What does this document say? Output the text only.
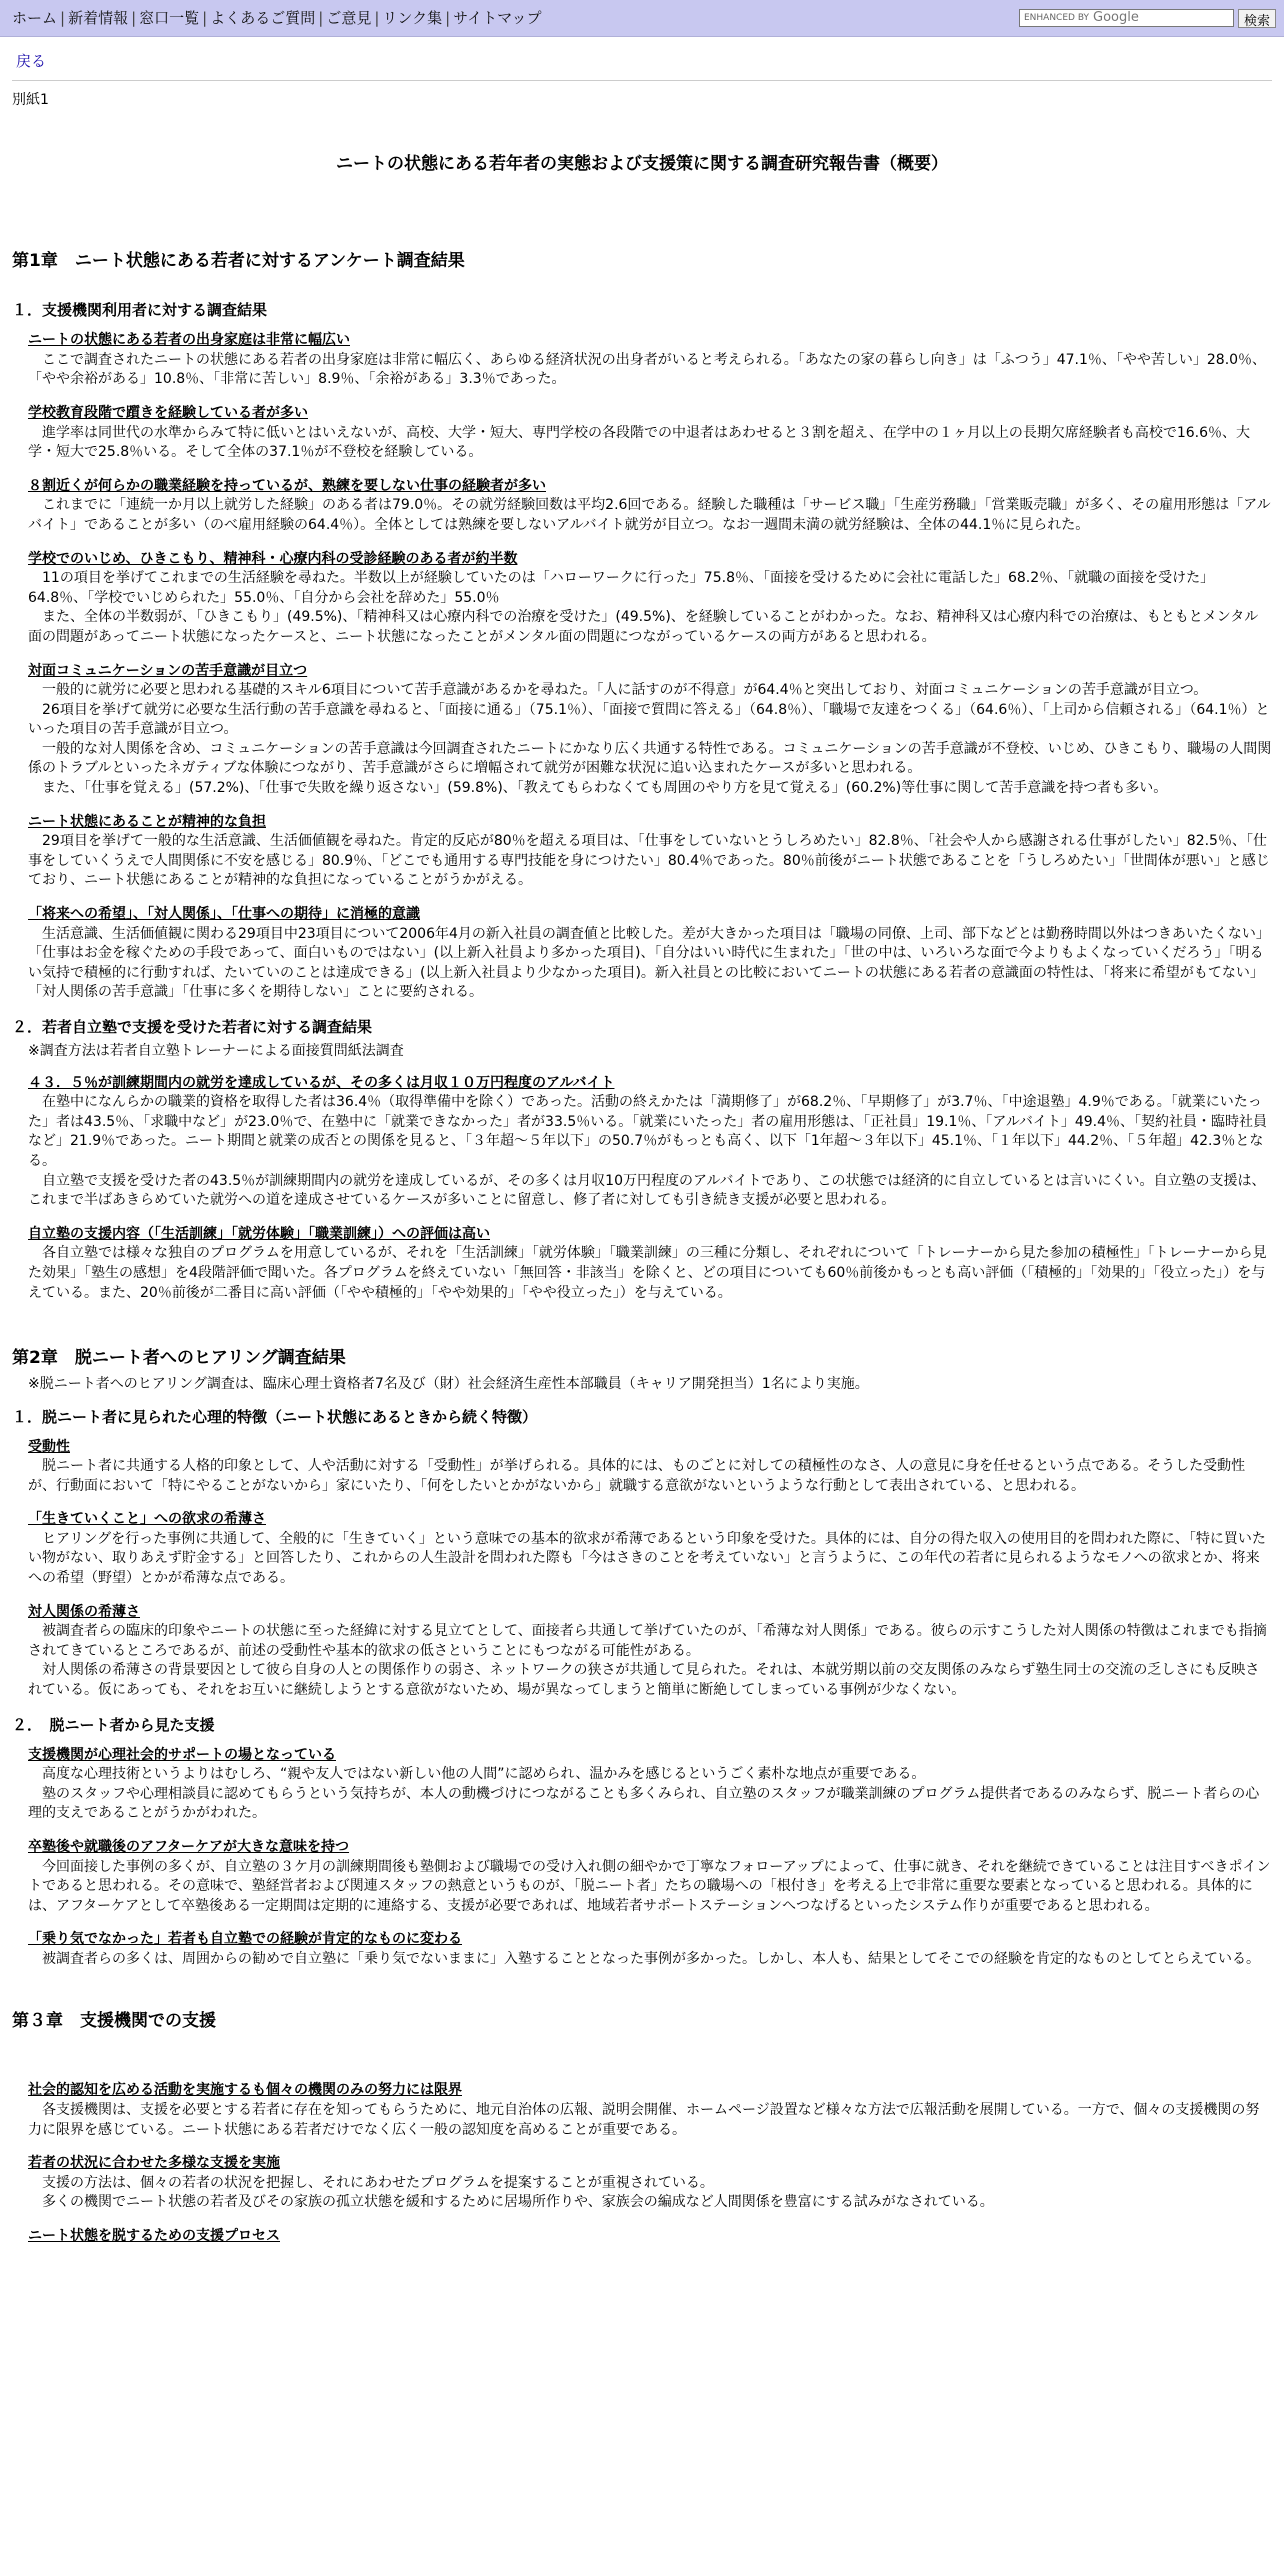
ホーム | 新着情報 | 窓口一覧 | よくあるご質問 | ご意見 | リンク集 | サイトマップ	ENHANCED BY Google	検索
戻る
別紙1
ニートの状態にある若年者の実態および支援策に関する調査研究報告書（概要）
第1章　ニート状態にある若者に対するアンケート調査結果
１．支援機関利用者に対する調査結果
ニートの状態にある若者の出身家庭は非常に幅広い

　ここで調査されたニートの状態にある若者の出身家庭は非常に幅広く、あらゆる経済状況の出身者がいると考えられる。「あなたの家の暮らし向き」は「ふつう」47.1％、「やや苦しい」28.0％、「やや余裕がある」10.8％、「非常に苦しい」8.9％、「余裕がある」3.3％であった。

学校教育段階で躓きを経験している者が多い

　進学率は同世代の水準からみて特に低いとはいえないが、高校、大学・短大、専門学校の各段階での中退者はあわせると３割を超え、在学中の１ヶ月以上の長期欠席経験者も高校で16.6％、大学・短大で25.8％いる。そして全体の37.1％が不登校を経験している。

８割近くが何らかの職業経験を持っているが、熟練を要しない仕事の経験者が多い

　これまでに「連続一か月以上就労した経験」のある者は79.0％。その就労経験回数は平均2.6回である。経験した職種は「サービス職」「生産労務職」「営業販売職」が多く、その雇用形態は「アルバイト」であることが多い（のべ雇用経験の64.4％）。全体としては熟練を要しないアルバイト就労が目立つ。なお一週間未満の就労経験は、全体の44.1％に見られた。

学校でのいじめ、ひきこもり、精神科・心療内科の受診経験のある者が約半数

　11の項目を挙げてこれまでの生活経験を尋ねた。半数以上が経験していたのは「ハローワークに行った」75.8％、「面接を受けるために会社に電話した」68.2％、「就職の面接を受けた」64.8％、「学校でいじめられた」55.0％、「自分から会社を辞めた」55.0％

　また、全体の半数弱が、「ひきこもり」(49.5%)、「精神科又は心療内科での治療を受けた」(49.5%)、を経験していることがわかった。なお、精神科又は心療内科での治療は、もともとメンタル面の問題があってニート状態になったケースと、ニート状態になったことがメンタル面の問題につながっているケースの両方があると思われる。

対面コミュニケーションの苦手意識が目立つ

　一般的に就労に必要と思われる基礎的スキル6項目について苦手意識があるかを尋ねた。「人に話すのが不得意」が64.4％と突出しており、対面コミュニケーションの苦手意識が目立つ。

　26項目を挙げて就労に必要な生活行動の苦手意識を尋ねると、「面接に通る」（75.1％）、「面接で質問に答える」（64.8％）、「職場で友達をつくる」（64.6％）、「上司から信頼される」（64.1％）といった項目の苦手意識が目立つ。

　一般的な対人関係を含め、コミュニケーションの苦手意識は今回調査されたニートにかなり広く共通する特性である。コミュニケーションの苦手意識が不登校、いじめ、ひきこもり、職場の人間関係のトラブルといったネガティブな体験につながり、苦手意識がさらに増幅されて就労が困難な状況に追い込まれたケースが多いと思われる。

　また、「仕事を覚える」(57.2%)、「仕事で失敗を繰り返さない」(59.8%)、「教えてもらわなくても周囲のやり方を見て覚える」(60.2%)等仕事に関して苦手意識を持つ者も多い。

ニート状態にあることが精神的な負担

　29項目を挙げて一般的な生活意識、生活価値観を尋ねた。肯定的反応が80％を超える項目は、「仕事をしていないとうしろめたい」82.8％、「社会や人から感謝される仕事がしたい」82.5％、「仕事をしていくうえで人間関係に不安を感じる」80.9％、「どこでも通用する専門技能を身につけたい」80.4％であった。80％前後がニート状態であることを「うしろめたい」「世間体が悪い」と感じており、ニート状態にあることが精神的な負担になっていることがうかがえる。

「将来への希望」、「対人関係」、「仕事への期待」に消極的意識

　生活意識、生活価値観に関わる29項目中23項目について2006年4月の新入社員の調査値と比較した。差が大きかった項目は「職場の同僚、上司、部下などとは勤務時間以外はつきあいたくない」「仕事はお金を稼ぐための手段であって、面白いものではない」(以上新入社員より多かった項目)、「自分はいい時代に生まれた」「世の中は、いろいろな面で今よりもよくなっていくだろう」「明るい気持で積極的に行動すれば、たいていのことは達成できる」(以上新入社員より少なかった項目)。新入社員との比較においてニートの状態にある若者の意識面の特性は、「将来に希望がもてない」「対人関係の苦手意識」「仕事に多くを期待しない」ことに要約される。

２．若者自立塾で支援を受けた若者に対する調査結果
※調査方法は若者自立塾トレーナーによる面接質問紙法調査
４３．５％が訓練期間内の就労を達成しているが、その多くは月収１０万円程度のアルバイト

　在塾中になんらかの職業的資格を取得した者は36.4％（取得準備中を除く）であった。活動の終えかたは「満期修了」が68.2％、「早期修了」が3.7％、「中途退塾」4.9％である。「就業にいたった」者は43.5％、「求職中など」が23.0％で、在塾中に「就業できなかった」者が33.5％いる。「就業にいたった」者の雇用形態は、「正社員」19.1％、「アルバイト」49.4％、「契約社員・臨時社員など」21.9％であった。ニート期間と就業の成否との関係を見ると、「３年超～５年以下」の50.7％がもっとも高く、以下「1年超～３年以下」45.1％、「１年以下」44.2％、「５年超」42.3％となる。

　自立塾で支援を受けた者の43.5％が訓練期間内の就労を達成しているが、その多くは月収10万円程度のアルバイトであり、この状態では経済的に自立しているとは言いにくい。自立塾の支援は、これまで半ばあきらめていた就労への道を達成させているケースが多いことに留意し、修了者に対しても引き続き支援が必要と思われる。

自立塾の支援内容（「生活訓練」「就労体験」「職業訓練」）への評価は高い

　各自立塾では様々な独自のプログラムを用意しているが、それを「生活訓練」「就労体験」「職業訓練」の三種に分類し、それぞれについて「トレーナーから見た参加の積極性」「トレーナーから見た効果」「塾生の感想」を4段階評価で聞いた。各プログラムを終えていない「無回答・非該当」を除くと、どの項目についても60％前後かもっとも高い評価（「積極的」「効果的」「役立った」）を与えている。また、20％前後が二番目に高い評価（「やや積極的」「やや効果的」「やや役立った」）を与えている。

第2章　脱ニート者へのヒアリング調査結果
※脱ニート者へのヒアリング調査は、臨床心理士資格者7名及び（財）社会経済生産性本部職員（キャリア開発担当）1名により実施。
１．脱ニート者に見られた心理的特徴（ニート状態にあるときから続く特徴）
受動性

　脱ニート者に共通する人格的印象として、人や活動に対する「受動性」が挙げられる。具体的には、ものごとに対しての積極性のなさ、人の意見に身を任せるという点である。そうした受動性が、行動面において「特にやることがないから」家にいたり、「何をしたいとかがないから」就職する意欲がないというような行動として表出されている、と思われる。

「生きていくこと」への欲求の希薄さ

　ヒアリングを行った事例に共通して、全般的に「生きていく」という意味での基本的欲求が希薄であるという印象を受けた。具体的には、自分の得た収入の使用目的を問われた際に、「特に買いたい物がない、取りあえず貯金する」と回答したり、これからの人生設計を問われた際も「今はさきのことを考えていない」と言うように、この年代の若者に見られるようなモノへの欲求とか、将来への希望（野望）とかが希薄な点である。

対人関係の希薄さ

　被調査者らの臨床的印象やニートの状態に至った経緯に対する見立てとして、面接者ら共通して挙げていたのが、「希薄な対人関係」である。彼らの示すこうした対人関係の特徴はこれまでも指摘されてきているところであるが、前述の受動性や基本的欲求の低さということにもつながる可能性がある。

　対人関係の希薄さの背景要因として彼ら自身の人との関係作りの弱さ、ネットワークの狭さが共通して見られた。それは、本就労期以前の交友関係のみならず塾生同士の交流の乏しさにも反映されている。仮にあっても、それをお互いに継続しようとする意欲がないため、場が異なってしまうと簡単に断絶してしまっている事例が少なくない。

２．　脱ニート者から見た支援
支援機関が心理社会的サポートの場となっている

　高度な心理技術というよりはむしろ、“親や友人ではない新しい他の人間”に認められ、温かみを感じるというごく素朴な地点が重要である。

　塾のスタッフや心理相談員に認めてもらうという気持ちが、本人の動機づけにつながることも多くみられ、自立塾のスタッフが職業訓練のプログラム提供者であるのみならず、脱ニート者らの心理的支えであることがうかがわれた。

卒塾後や就職後のアフターケアが大きな意味を持つ

　今回面接した事例の多くが、自立塾の３ケ月の訓練期間後も塾側および職場での受け入れ側の細やかで丁寧なフォローアップによって、仕事に就き、それを継続できていることは注目すべきポイントであると思われる。その意味で、塾経営者および関連スタッフの熱意というものが、「脱ニート者」たちの職場への「根付き」を考える上で非常に重要な要素となっていると思われる。具体的には、アフターケアとして卒塾後ある一定期間は定期的に連絡する、支援が必要であれば、地域若者サポートステーションへつなげるといったシステム作りが重要であると思われる。

「乗り気でなかった」若者も自立塾での経験が肯定的なものに変わる

　被調査者らの多くは、周囲からの勧めで自立塾に「乗り気でないままに」入塾することとなった事例が多かった。しかし、本人も、結果としてそこでの経験を肯定的なものとしてとらえている。

第３章　支援機関での支援
社会的認知を広める活動を実施するも個々の機関のみの努力には限界

　各支援機関は、支援を必要とする若者に存在を知ってもらうために、地元自治体の広報、説明会開催、ホームページ設置など様々な方法で広報活動を展開している。一方で、個々の支援機関の努力に限界を感じている。ニート状態にある若者だけでなく広く一般の認知度を高めることが重要である。

若者の状況に合わせた多様な支援を実施

　支援の方法は、個々の若者の状況を把握し、それにあわせたプログラムを提案することが重視されている。

　多くの機関でニート状態の若者及びその家族の孤立状態を緩和するために居場所作りや、家族会の編成など人間関係を豊富にする試みがなされている。

ニート状態を脱するための支援プロセス
